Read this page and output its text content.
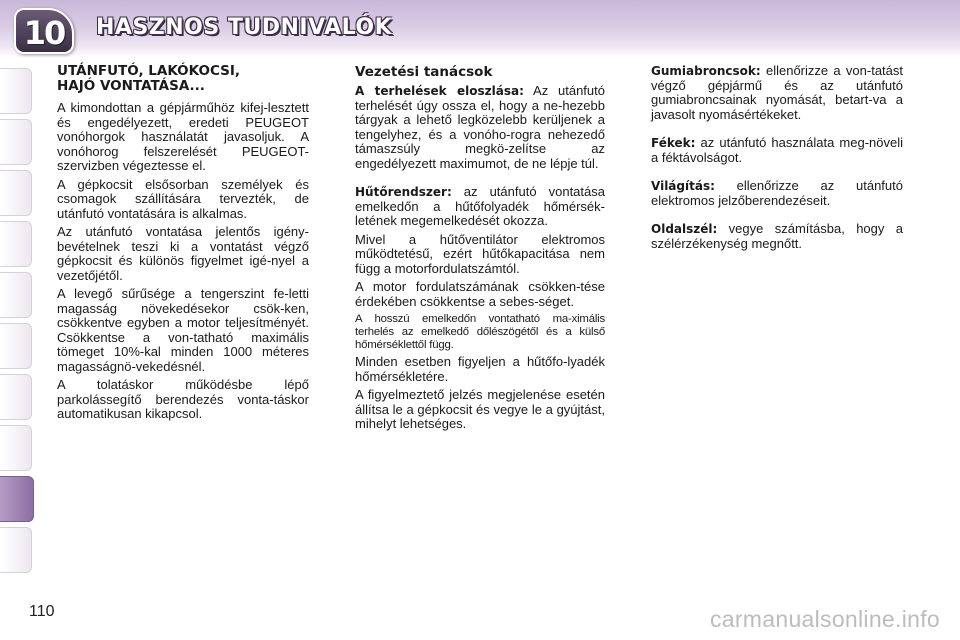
10	HASZNOS TUDNIVALÓK
UTÁNFUTÓ, LAKÓKOCSI,
HAJÓ VONTATÁSA...

A kimondottan a gépjárműhöz kifej-lesztett és engedélyezett, eredeti PEUGEOT vonóhorgok használatát javasoljuk. A vonóhorog felszerelését PEUGEOT-szervizben végeztesse el.

A gépkocsit elsősorban személyek és csomagok szállítására tervezték, de utánfutó vontatására is alkalmas.

Az utánfutó vontatása jelentős igény-bevételnek teszi ki a vontatást végző gépkocsit és különös figyelmet igé-nyel a vezetőjétől.

A levegő sűrűsége a tengerszint fe-letti magasság növekedésekor csök-ken, csökkentve egyben a motor teljesítményét. Csökkentse a von-tatható maximális tömeget 10%-kal minden 1000 méteres magasságnö-vekedésnél.

A tolatáskor működésbe lépő parkolássegítő berendezés vonta-táskor automatikusan kikapcsol.

Vezetési tanácsok

A terhelések eloszlása: Az utánfutó terhelését úgy ossza el, hogy a ne-hezebb tárgyak a lehető legközelebb kerüljenek a tengelyhez, és a vonóho-rogra nehezedő támaszsúly megkö-zelítse az engedélyezett maximumot, de ne lépje túl.

Hűtőrendszer: az utánfutó vontatása emelkedőn a hűtőfolyadék hőmérsék-letének megemelkedését okozza.

Mivel a hűtőventilátor elektromos működtetésű, ezért hűtőkapacitása nem függ a motorfordulatszámtól.

A motor fordulatszámának csökken-tése érdekében csökkentse a sebes-séget.

A hosszú emelkedőn vontatható ma-ximális terhelés az emelkedő dőlészögétől és a külső hőmérséklettől függ.

Minden esetben figyeljen a hűtőfo-lyadék hőmérsékletére.

A figyelmeztető jelzés megjelenése esetén állítsa le a gépkocsit és vegye le a gyújtást, mihelyt lehetséges.

Gumiabroncsok: ellenőrizze a von-tatást végző gépjármű és az utánfutó gumiabroncsainak nyomását, betart-va a javasolt nyomásértékeket.

Fékek: az utánfutó használata meg-növeli a féktávolságot.

Világítás: ellenőrizze az utánfutó elektromos jelzőberendezéseit.

Oldalszél: vegye számításba, hogy a szélérzékenység megnőtt.

110	carmanualsonline.info
